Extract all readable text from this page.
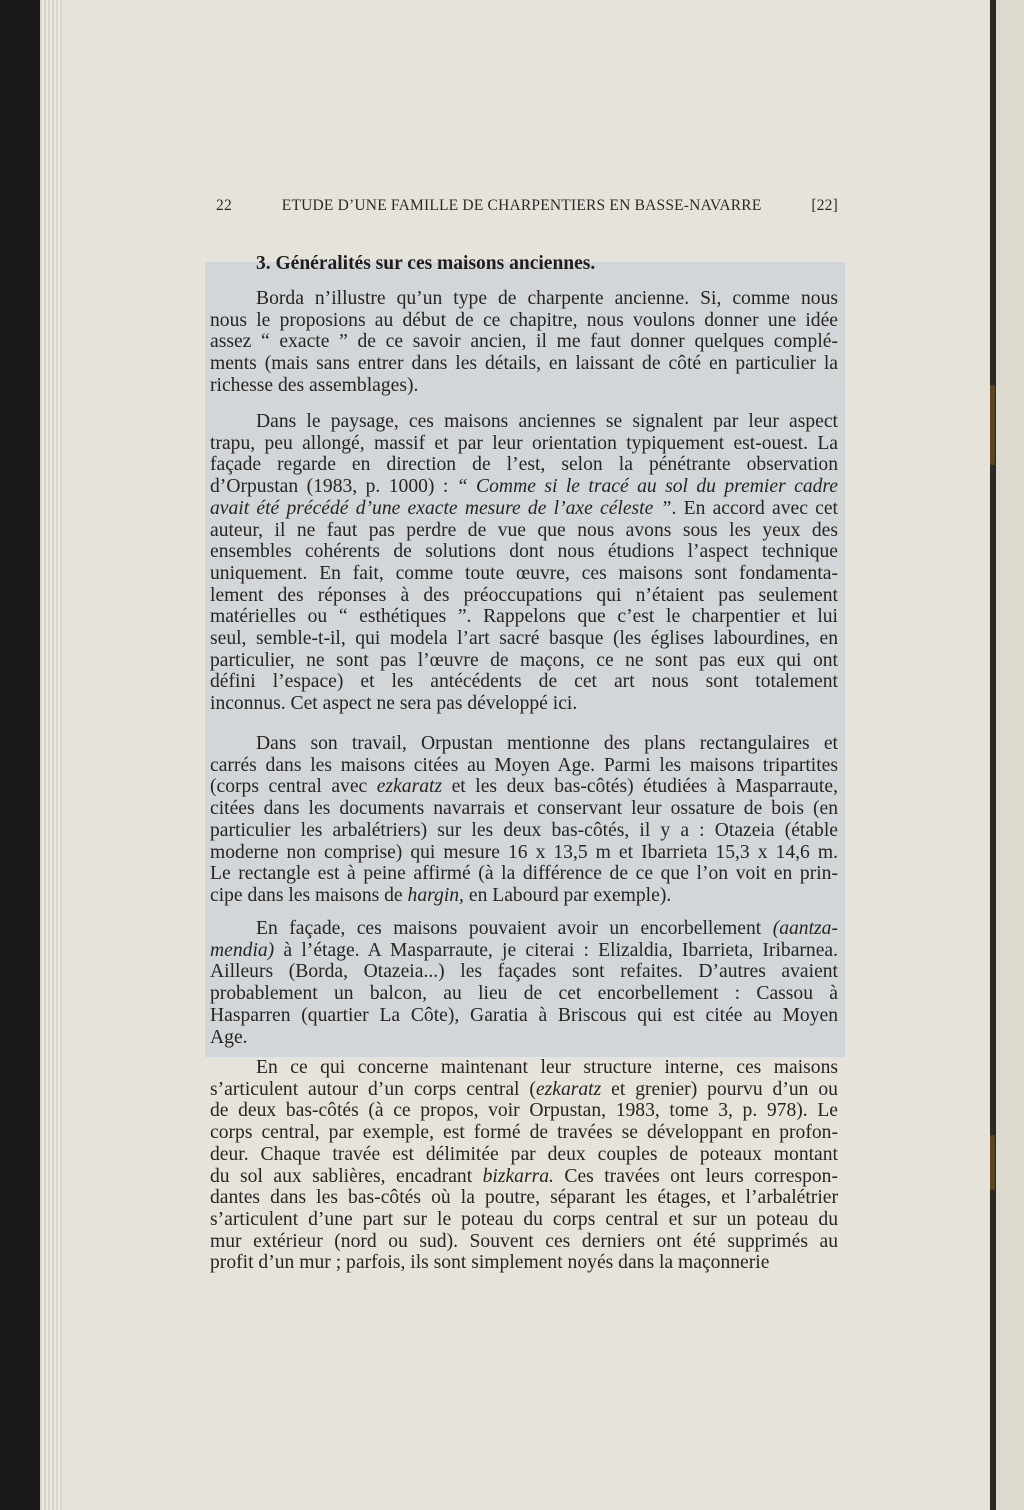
22	ETUDE D’UNE FAMILLE DE CHARPENTIERS EN BASSE-NAVARRE	[22]
3. Généralités sur ces maisons anciennes.
Borda n’illustre qu’un type de charpente ancienne. Si, comme nous
nous le proposions au début de ce chapitre, nous voulons donner une idée
assez “ exacte ” de ce savoir ancien, il me faut donner quelques complé-
ments (mais sans entrer dans les détails, en laissant de côté en particulier la
richesse des assemblages).
Dans le paysage, ces maisons anciennes se signalent par leur aspect
trapu, peu allongé, massif et par leur orientation typiquement est-ouest. La
façade regarde en direction de l’est, selon la pénétrante observation
d’Orpustan (1983, p. 1000) : “ Comme si le tracé au sol du premier cadre
avait été précédé d’une exacte mesure de l’axe céleste ”. En accord avec cet
auteur, il ne faut pas perdre de vue que nous avons sous les yeux des
ensembles cohérents de solutions dont nous étudions l’aspect technique
uniquement. En fait, comme toute œuvre, ces maisons sont fondamenta-
lement des réponses à des préoccupations qui n’étaient pas seulement
matérielles ou “ esthétiques ”. Rappelons que c’est le charpentier et lui
seul, semble-t-il, qui modela l’art sacré basque (les églises labourdines, en
particulier, ne sont pas l’œuvre de maçons, ce ne sont pas eux qui ont
défini l’espace) et les antécédents de cet art nous sont totalement
inconnus. Cet aspect ne sera pas développé ici.
Dans son travail, Orpustan mentionne des plans rectangulaires et
carrés dans les maisons citées au Moyen Age. Parmi les maisons tripartites
(corps central avec ezkaratz et les deux bas-côtés) étudiées à Masparraute,
citées dans les documents navarrais et conservant leur ossature de bois (en
particulier les arbalétriers) sur les deux bas-côtés, il y a : Otazeia (étable
moderne non comprise) qui mesure 16 x 13,5 m et Ibarrieta 15,3 x 14,6 m.
Le rectangle est à peine affirmé (à la différence de ce que l’on voit en prin-
cipe dans les maisons de hargin, en Labourd par exemple).
En façade, ces maisons pouvaient avoir un encorbellement (aantza-
mendia) à l’étage. A Masparraute, je citerai : Elizaldia, Ibarrieta, Iribarnea.
Ailleurs (Borda, Otazeia...) les façades sont refaites. D’autres avaient
probablement un balcon, au lieu de cet encorbellement : Cassou à
Hasparren (quartier La Côte), Garatia à Briscous qui est citée au Moyen
Age.
En ce qui concerne maintenant leur structure interne, ces maisons
s’articulent autour d’un corps central (ezkaratz et grenier) pourvu d’un ou
de deux bas-côtés (à ce propos, voir Orpustan, 1983, tome 3, p. 978). Le
corps central, par exemple, est formé de travées se développant en profon-
deur. Chaque travée est délimitée par deux couples de poteaux montant
du sol aux sablières, encadrant bizkarra. Ces travées ont leurs correspon-
dantes dans les bas-côtés où la poutre, séparant les étages, et l’arbalétrier
s’articulent d’une part sur le poteau du corps central et sur un poteau du
mur extérieur (nord ou sud). Souvent ces derniers ont été supprimés au
profit d’un mur ; parfois, ils sont simplement noyés dans la maçonnerie
